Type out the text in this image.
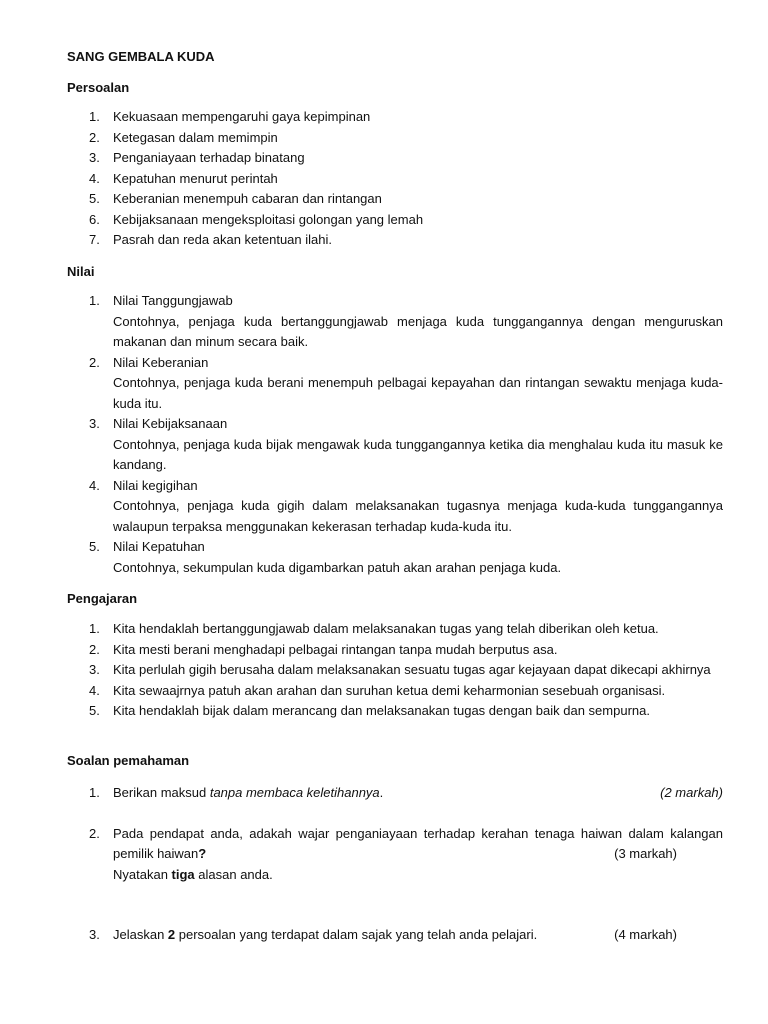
SANG GEMBALA KUDA
Persoalan
1. Kekuasaan mempengaruhi gaya kepimpinan
2. Ketegasan dalam memimpin
3. Penganiayaan terhadap binatang
4. Kepatuhan menurut perintah
5. Keberanian menempuh cabaran dan rintangan
6. Kebijaksanaan mengeksploitasi golongan yang lemah
7. Pasrah dan reda akan ketentuan ilahi.
Nilai
1. Nilai Tanggungjawab
Contohnya, penjaga kuda bertanggungjawab menjaga kuda tunggangannya dengan menguruskan makanan dan minum secara baik.
2. Nilai Keberanian
Contohnya, penjaga kuda berani menempuh pelbagai kepayahan dan rintangan sewaktu menjaga kuda-kuda itu.
3. Nilai Kebijaksanaan
Contohnya, penjaga kuda bijak mengawak kuda tunggangannya ketika dia menghalau kuda itu masuk ke kandang.
4. Nilai kegigihan
Contohnya, penjaga kuda gigih dalam melaksanakan tugasnya menjaga kuda-kuda tunggangannya walaupun terpaksa menggunakan kekerasan terhadap kuda-kuda itu.
5. Nilai Kepatuhan
Contohnya, sekumpulan kuda digambarkan patuh akan arahan penjaga kuda.
Pengajaran
1. Kita hendaklah bertanggungjawab dalam melaksanakan tugas yang telah diberikan oleh ketua.
2. Kita mesti berani menghadapi pelbagai rintangan tanpa mudah berputus asa.
3. Kita perlulah gigih berusaha dalam melaksanakan sesuatu tugas agar kejayaan dapat dikecapi akhirnya
4. Kita sewaajrnya patuh akan arahan dan suruhan ketua demi keharmonian sesebuah organisasi.
5. Kita hendaklah bijak dalam merancang dan melaksanakan tugas dengan baik dan sempurna.
Soalan pemahaman
1.	(2 markah)
Berikan maksud tanpa membaca keletihannya.
2. Pada pendapat anda, adakah wajar penganiayaan terhadap kerahan tenaga haiwan dalam kalangan pemilik haiwan?	(3 markah)
Nyatakan tiga alasan anda.
3. Jelaskan 2 persoalan yang terdapat dalam sajak yang telah anda pelajari.	(4 markah)
